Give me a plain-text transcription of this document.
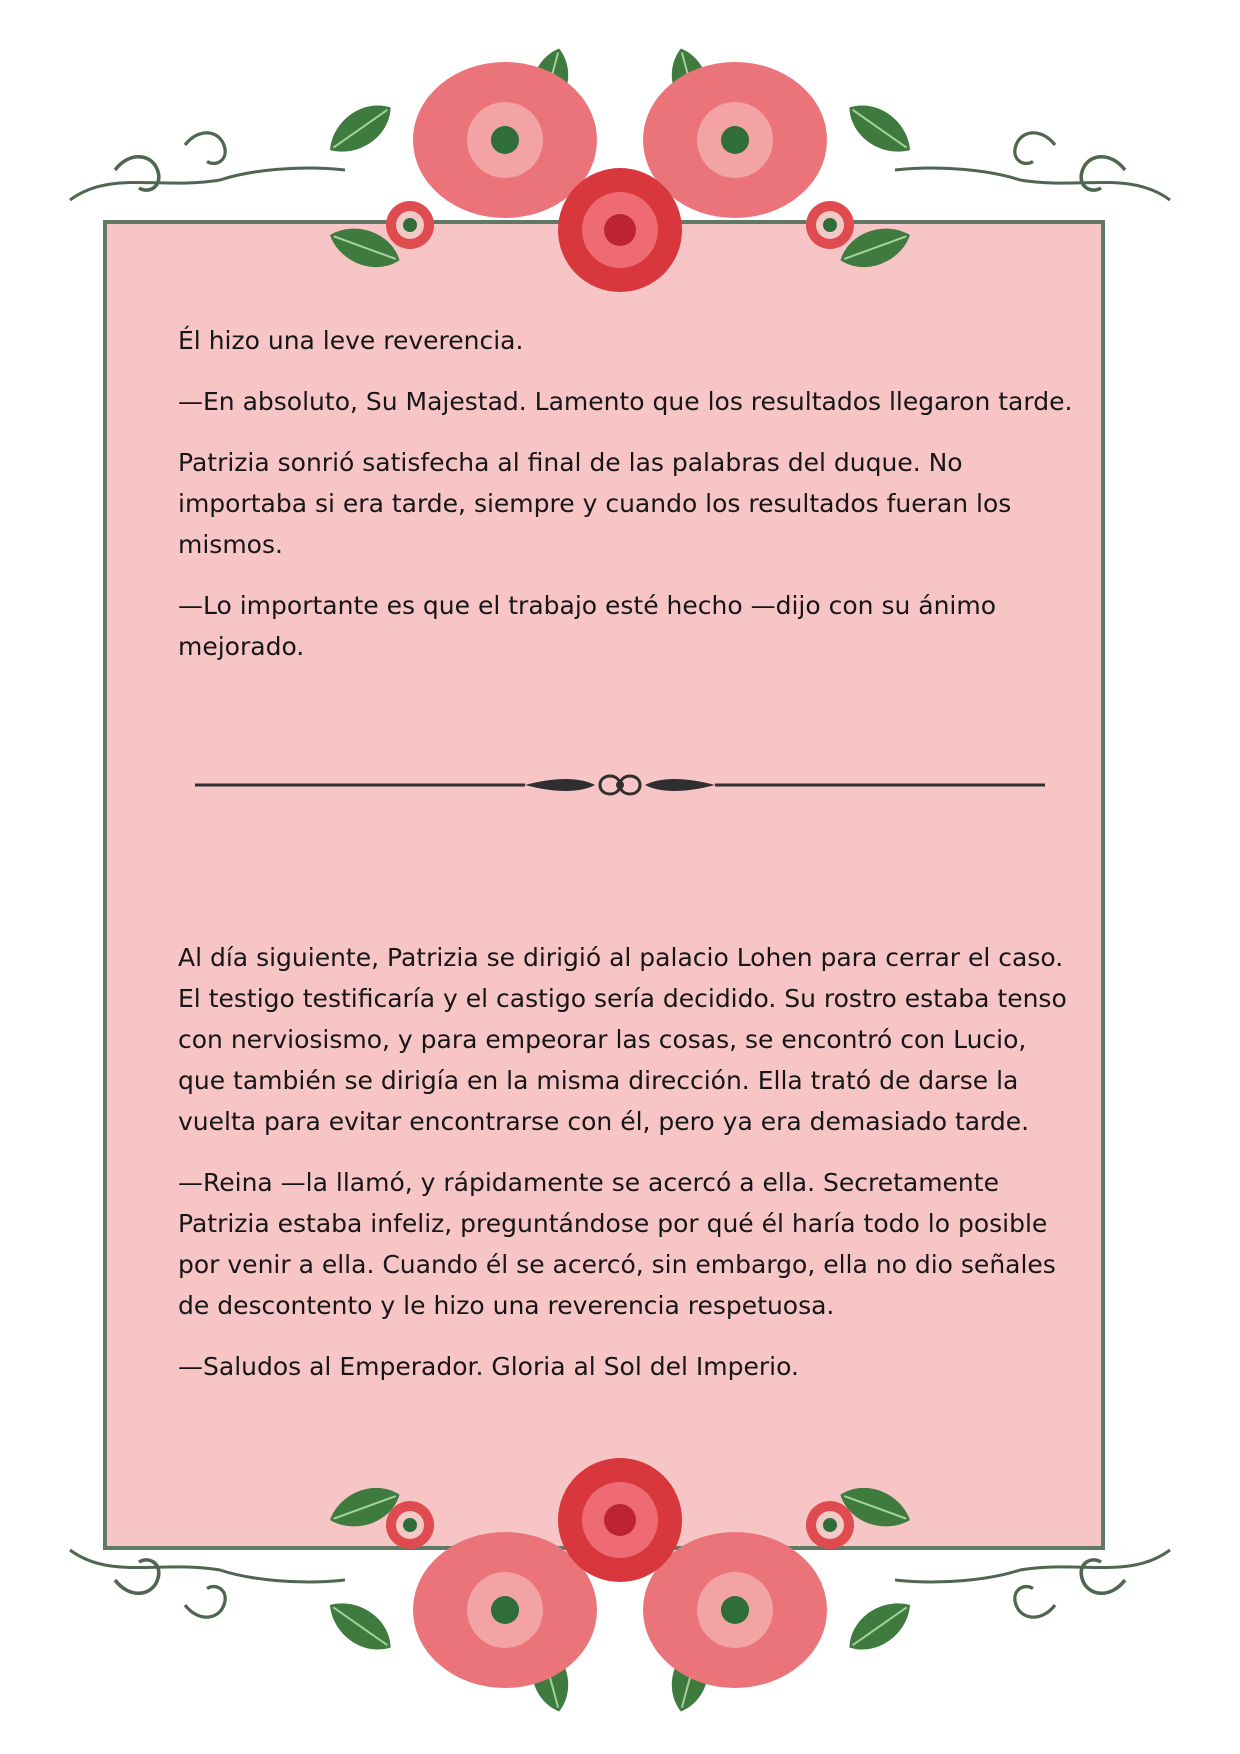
Él hizo una leve reverencia.

—En absoluto, Su Majestad. Lamento que los resultados llegaron tarde.

Patrizia sonrió satisfecha al final de las palabras del duque. No importaba si era tarde, siempre y cuando los resultados fueran los mismos.

—Lo importante es que el trabajo esté hecho —dijo con su ánimo mejorado.

Al día siguiente, Patrizia se dirigió al palacio Lohen para cerrar el caso. El testigo testificaría y el castigo sería decidido. Su rostro estaba tenso con nerviosismo, y para empeorar las cosas, se encontró con Lucio, que también se dirigía en la misma dirección. Ella trató de darse la vuelta para evitar encontrarse con él, pero ya era demasiado tarde.

—Reina —la llamó, y rápidamente se acercó a ella. Secretamente Patrizia estaba infeliz, preguntándose por qué él haría todo lo posible por venir a ella. Cuando él se acercó, sin embargo, ella no dio señales de descontento y le hizo una reverencia respetuosa.

—Saludos al Emperador. Gloria al Sol del Imperio.
